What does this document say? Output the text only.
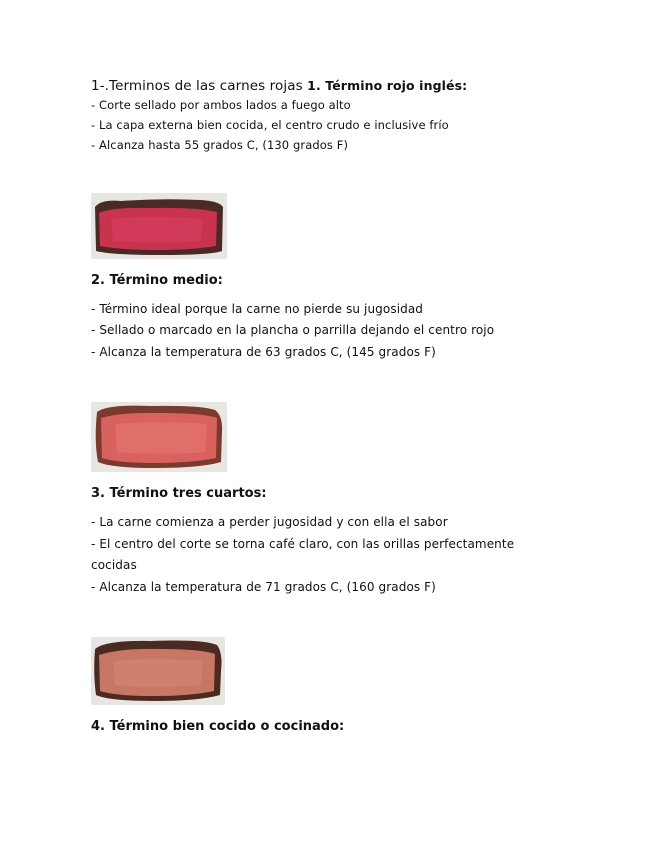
1-.Terminos de las carnes rojas 1. Término rojo inglés:
- Corte sellado por ambos lados a fuego alto
- La capa externa bien cocida, el centro crudo e inclusive frío
- Alcanza hasta 55 grados C, (130 grados F)
2. Término medio:
- Término ideal porque la carne no pierde su jugosidad
- Sellado o marcado en la plancha o parrilla dejando el centro rojo
- Alcanza la temperatura de 63 grados C, (145 grados F)
3. Término tres cuartos:
- La carne comienza a perder jugosidad y con ella el sabor
- El centro del corte se torna café claro, con las orillas perfectamente
cocidas
- Alcanza la temperatura de 71 grados C, (160 grados F)
4. Término bien cocido o cocinado:
